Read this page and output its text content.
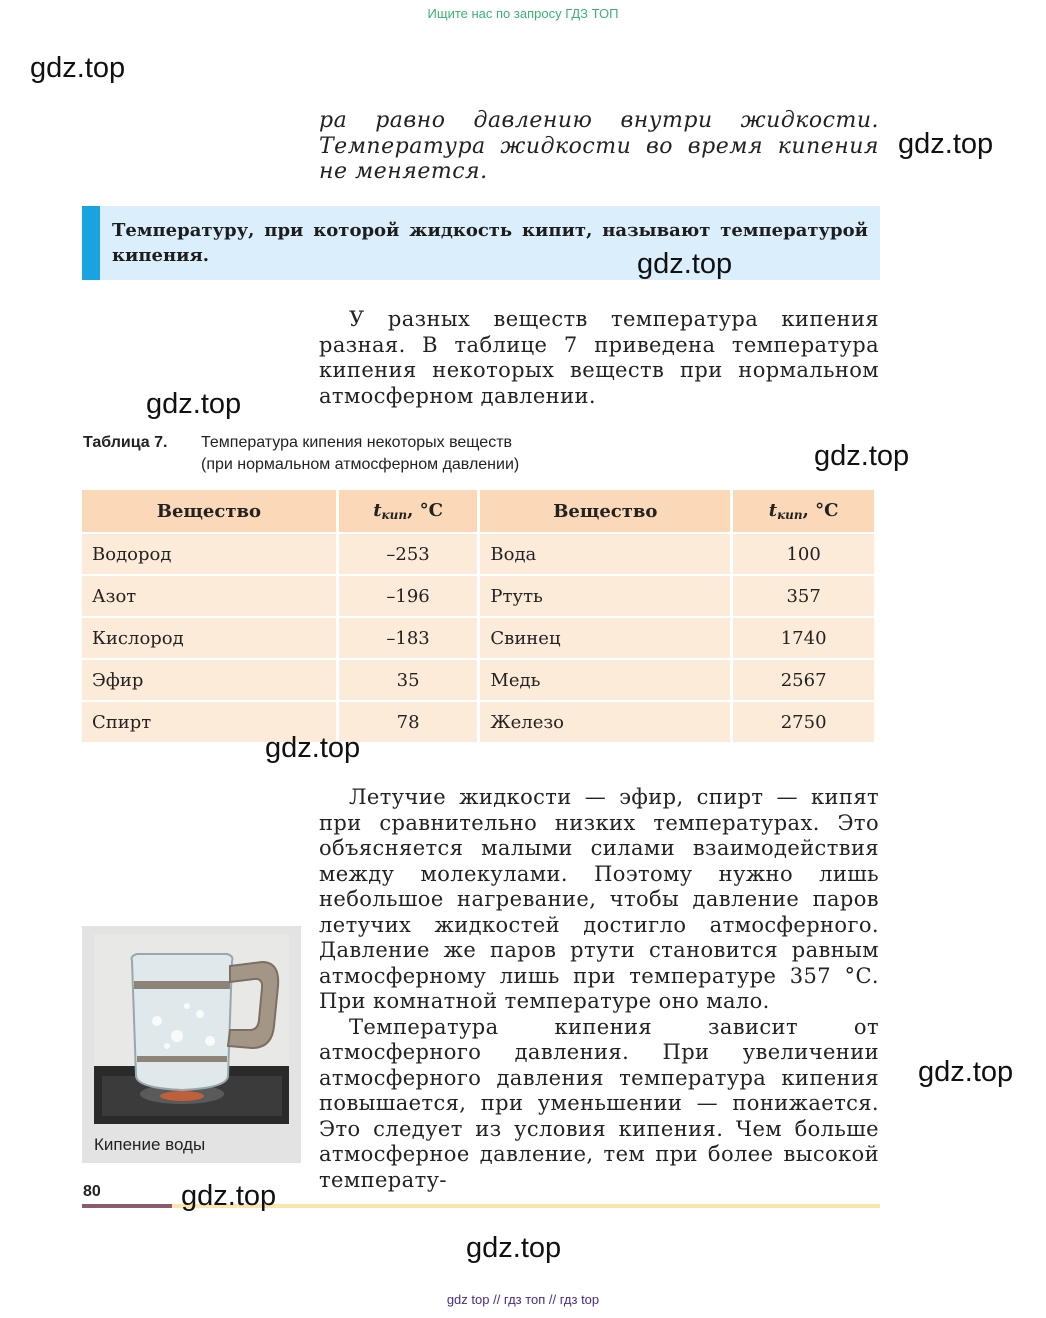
Ищите нас по запросу ГДЗ ТОП
gdz.top
gdz.top

ра равно давлению внутри жидкости. Температура жидкости во время кипения не меняется.

Температуру, при которой жидкость кипит, называют температурой кипения.	gdz.top

У разных веществ температура кипения разная. В таблице 7 приведена температура кипения некоторых веществ при нормальном атмосферном давлении.

gdz.top
Таблица 7. Температура кипения некоторых веществ
(при нормальном атмосферном давлении)	gdz.top
Вещество	$t_{кип}$, °C	Вещество	$t_{кип}$, °C
Водород	–253	Вода	100
Азот	–196	Ртуть	357
Кислород	–183	Свинец	1740
Эфир	35	Медь	2567
Спирт	78	Железо	2750
gdz.top

Летучие жидкости — эфир, спирт — кипят при сравнительно низких температурах. Это объясняется малыми силами взаимодействия между молекулами. Поэтому нужно лишь небольшое нагревание, чтобы давление паров летучих жидкостей достигло атмосферного. Давление же паров ртути становится равным атмосферному лишь при температуре 357 °С. При комнатной температуре оно мало.

Температура кипения зависит от атмосферного давления. При увеличении атмосферного давления температура кипения повышается, при уменьшении — понижается. Это следует из условия кипения. Чем больше атмосферное давление, тем при более высокой температу-

Кипение воды
gdz.top
80	gdz.top
gdz.top
gdz top // гдз топ // гдз top
